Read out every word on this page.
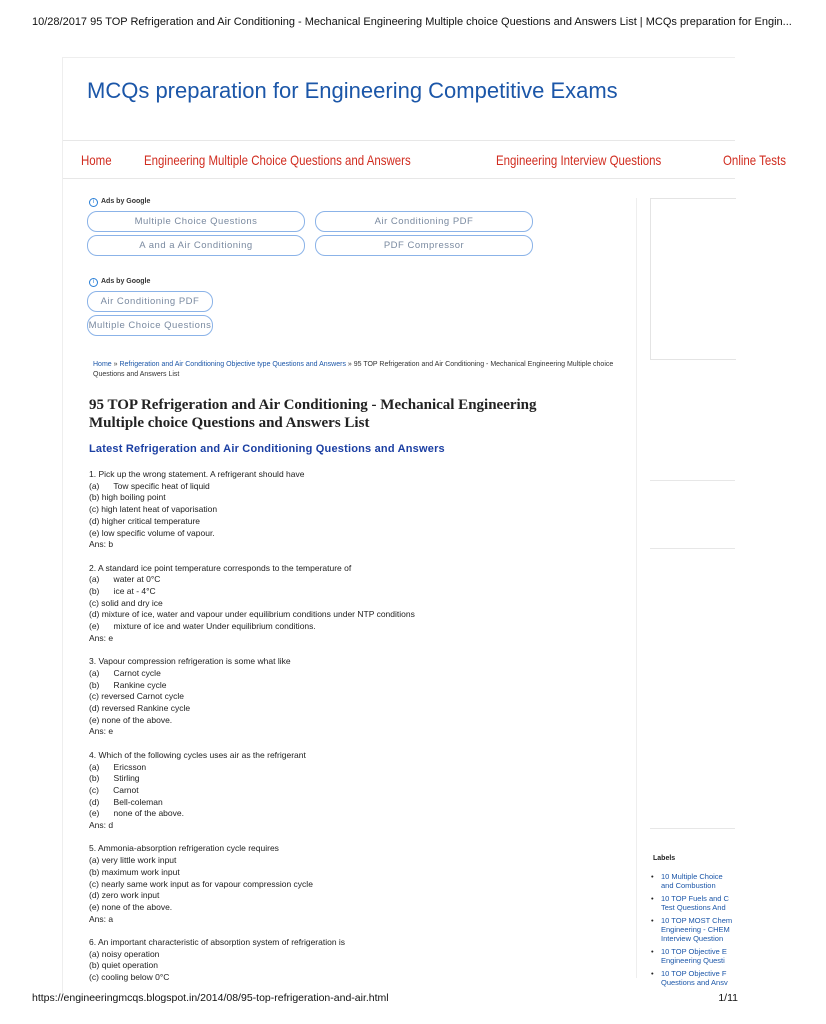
10/28/2017 95 TOP Refrigeration and Air Conditioning - Mechanical Engineering Multiple choice Questions and Answers List | MCQs preparation for Engin...
MCQs preparation for Engineering Competitive Exams
Home Engineering Multiple Choice Questions and Answers	Engineering Interview Questions	Online Tests
i Ads by Google
Multiple Choice Questions	Air Conditioning PDF
A and a Air Conditioning	PDF Compressor
i Ads by Google
Air Conditioning PDF
Multiple Choice Questions
Home » Refrigeration and Air Conditioning Objective type Questions and Answers » 95 TOP Refrigeration and Air Conditioning - Mechanical Engineering Multiple choice Questions and Answers List
95 TOP Refrigeration and Air Conditioning - Mechanical Engineering Multiple choice Questions and Answers List
Latest Refrigeration and Air Conditioning Questions and Answers
1. Pick up the wrong statement. A refrigerant should have
(a)      Tow specific heat of liquid
(b) high boiling point
(c) high latent heat of vaporisation
(d) higher critical temperature
(e) low specific volume of vapour.
Ans: b
2. A standard ice point temperature corresponds to the temperature of
(a)      water at 0°C
(b)      ice at - 4°C
(c) solid and dry ice
(d) mixture of ice, water and vapour under equilibrium conditions under NTP conditions
(e)      mixture of ice and water Under equilibrium conditions.
Ans: e
3. Vapour compression refrigeration is some what like
(a)      Carnot cycle
(b)      Rankine cycle
(c) reversed Carnot cycle
(d) reversed Rankine cycle
(e) none of the above.
Ans: e
4. Which of the following cycles uses air as the refrigerant
(a)      Ericsson
(b)      Stirling
(c)      Carnot
(d)      Bell-coleman
(e)      none of the above.
Ans: d
5. Ammonia-absorption refrigeration cycle requires
(a) very little work input
(b) maximum work input
(c) nearly same work input as for vapour compression cycle
(d) zero work input
(e) none of the above.
Ans: a
6. An important characteristic of absorption system of refrigeration is
(a) noisy operation
(b) quiet operation
(c) cooling below 0°C
Labels
• 10 Multiple Choice
and Combustion
• 10 TOP Fuels and C
Test Questions And
• 10 TOP MOST Chem
Engineering - CHEM
Interview Question
• 10 TOP Objective E
Engineering Questi
• 10 TOP Objective F
Questions and Ansv
https://engineeringmcqs.blogspot.in/2014/08/95-top-refrigeration-and-air.html	1/11
